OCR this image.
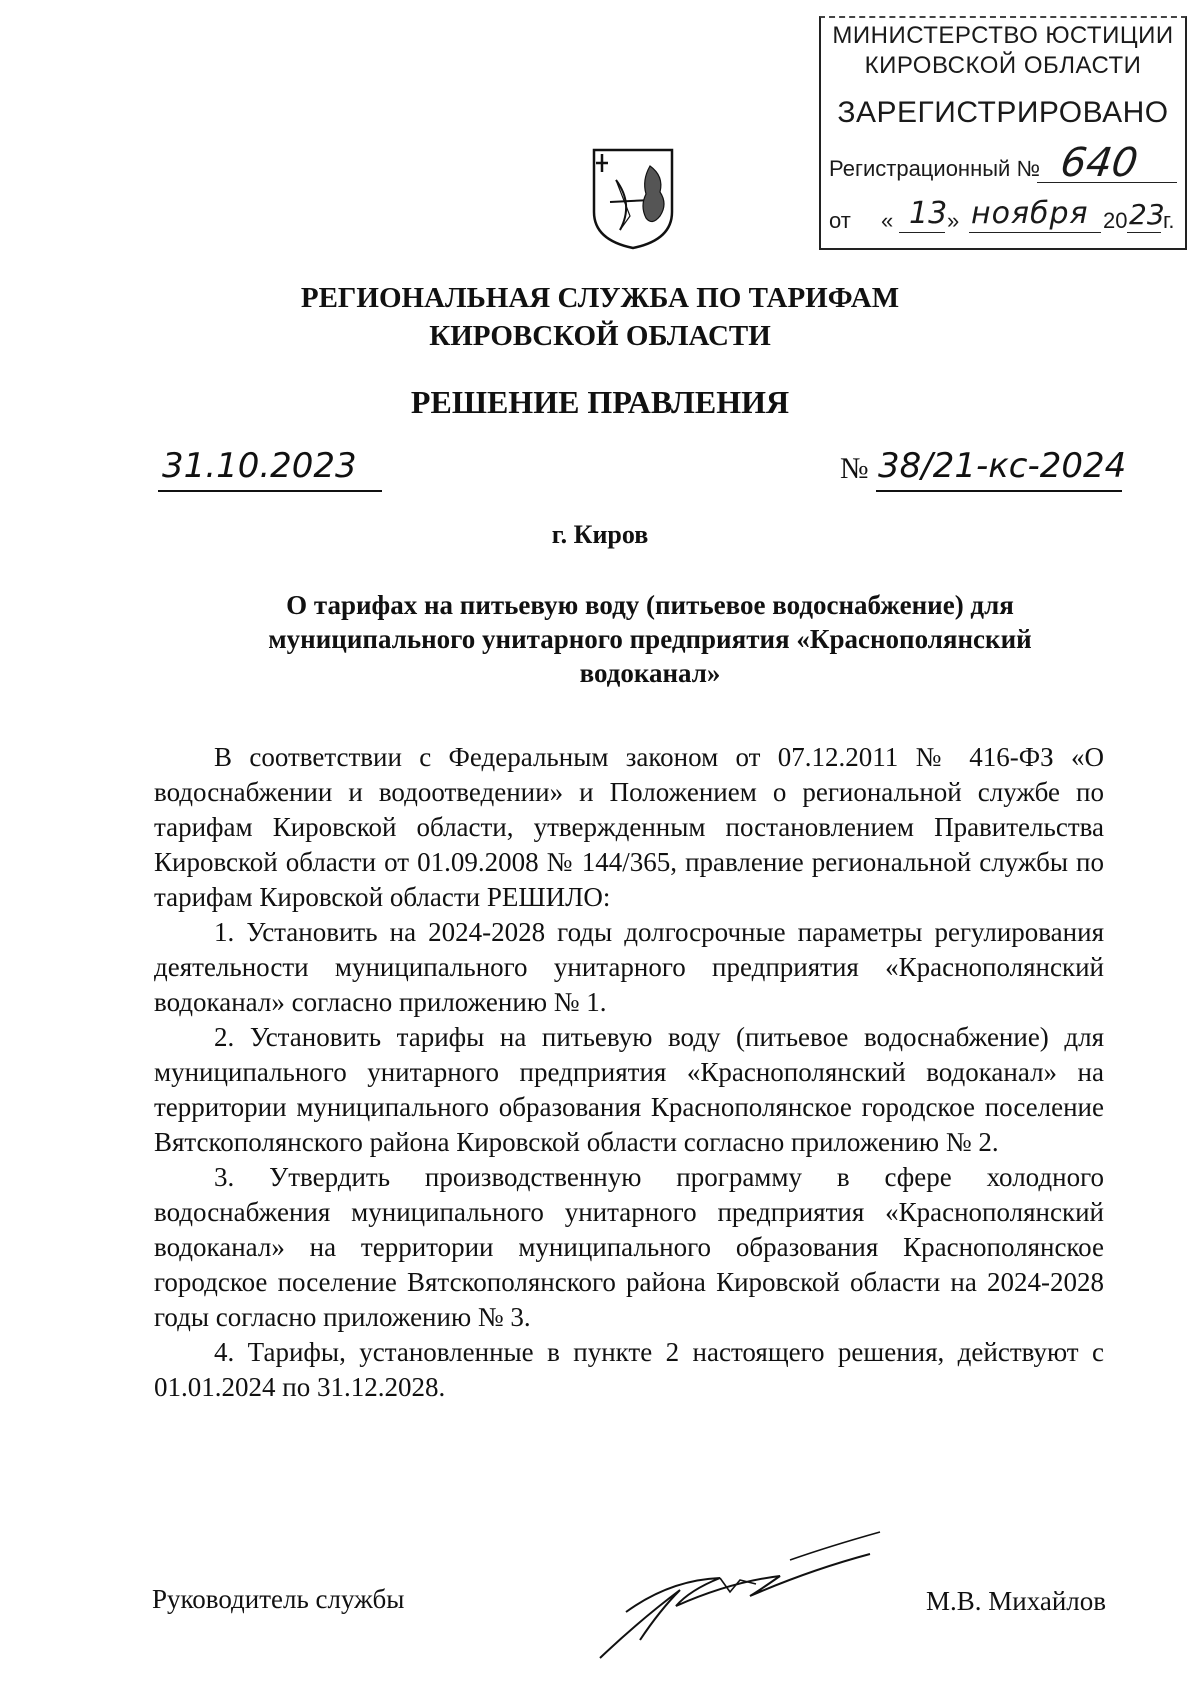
МИНИСТЕРСТВО ЮСТИЦИИ
КИРОВСКОЙ ОБЛАСТИ
ЗАРЕГИСТРИРОВАНО
Регистрационный № 640
от « 13 » ноября 20 23
г.
РЕГИОНАЛЬНАЯ СЛУЖБА ПО ТАРИФАМ
КИРОВСКОЙ ОБЛАСТИ
РЕШЕНИЕ ПРАВЛЕНИЯ
31.10.2023	№ 38/21-кс-2024
г. Киров
О тарифах на питьевую воду (питьевое водоснабжение) для муниципального унитарного предприятия «Краснополянский водоканал»

В соответствии с Федеральным законом от 07.12.2011 № 416-ФЗ «О водоснабжении и водоотведении» и Положением о региональной службе по тарифам Кировской области, утвержденным постановлением Правительства Кировской области от 01.09.2008 № 144/365, правление региональной службы по тарифам Кировской области РЕШИЛО:

1. Установить на 2024-2028 годы долгосрочные параметры регулирования деятельности муниципального унитарного предприятия «Краснополянский водоканал» согласно приложению № 1.

2. Установить тарифы на питьевую воду (питьевое водоснабжение) для муниципального унитарного предприятия «Краснополянский водоканал» на территории муниципального образования Краснополянское городское поселение Вятскополянского района Кировской области согласно приложению № 2.

3. Утвердить производственную программу в сфере холодного водоснабжения муниципального унитарного предприятия «Краснополянский водоканал» на территории муниципального образования Краснополянское городское поселение Вятскополянского района Кировской области на 2024-2028 годы согласно приложению № 3.

4. Тарифы, установленные в пункте 2 настоящего решения, действуют с 01.01.2024 по 31.12.2028.

Руководитель службы	М.В. Михайлов
